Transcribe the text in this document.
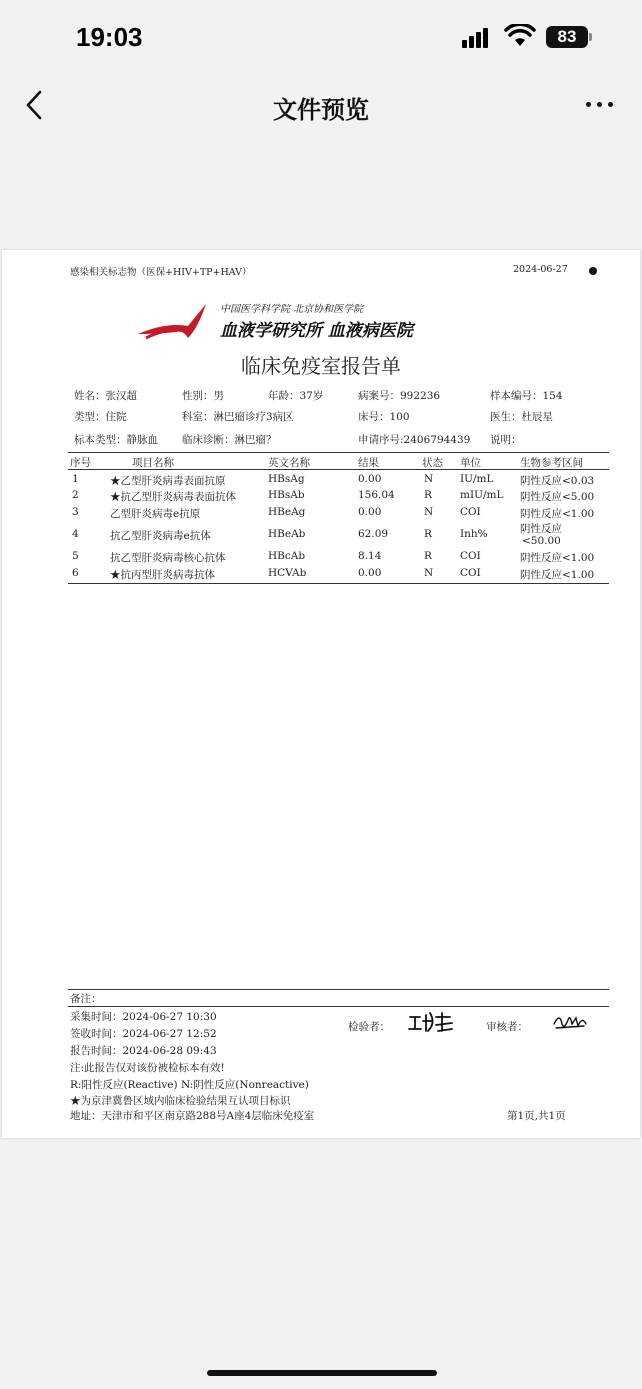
19:03	83
文件预览
感染相关标志物（医保+HIV+TP+HAV）	2024-06-27
中国医学科学院 北京协和医学院
血液学研究所 血液病医院
临床免疫室报告单
姓名：张汉超	性别：男	年龄：37岁	病案号：992236	样本编号：154
类型：住院	科室：淋巴瘤诊疗3病区	床号：100	医生：杜辰星
标本类型：静脉血 临床诊断：淋巴瘤？	申请序号:2406794439 说明：
序号	项目名称	英文名称	结果	状态 单位	生物参考区间
1	★乙型肝炎病毒表面抗原	HBsAg	0.00	N	IU/mL	阴性反应<0.03
2	★抗乙型肝炎病毒表面抗体	HBsAb	156.04	R	mIU/mL 阴性反应<5.00
3	乙型肝炎病毒e抗原	HBeAg	0.00	N	COI	阴性反应<1.00
4	抗乙型肝炎病毒e抗体	HBeAb	62.09	R	Inh%	阴性反应
<50.00
5	抗乙型肝炎病毒核心抗体	HBcAb	8.14	R	COI	阴性反应<1.00
6	★抗丙型肝炎病毒抗体	HCVAb	0.00	N	COI	阴性反应<1.00
备注：
采集时间：2024-06-27 10:30
签收时间：2024-06-27 12:52
报告时间：2024-06-28 09:43
检验者：	审核者：
注:此报告仅对该份被检标本有效!
R:阳性反应(Reactive) N:阴性反应(Nonreactive)
★为京津冀鲁区域内临床检验结果互认项目标识
地址：天津市和平区南京路288号A座4层临床免疫室	第1页,共1页
